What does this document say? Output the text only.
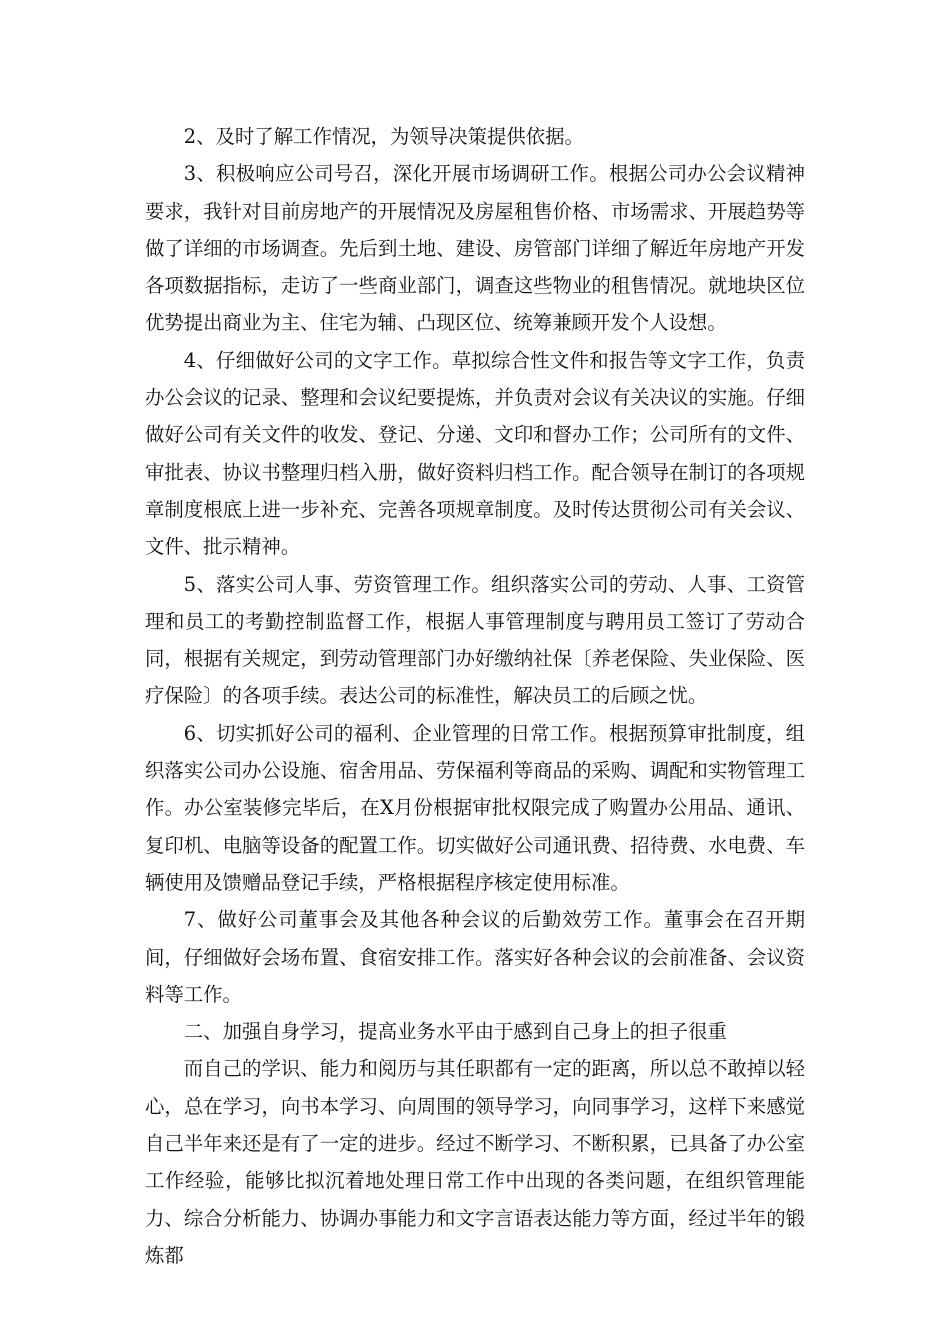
2、及时了解工作情况，为领导决策提供依据。

3、积极响应公司号召，深化开展市场调研工作。根据公司办公会议精神要求，我针对目前房地产的开展情况及房屋租售价格、市场需求、开展趋势等做了详细的市场调查。先后到土地、建设、房管部门详细了解近年房地产开发各项数据指标，走访了一些商业部门，调查这些物业的租售情况。就地块区位优势提出商业为主、住宅为辅、凸现区位、统筹兼顾开发个人设想。

4、仔细做好公司的文字工作。草拟综合性文件和报告等文字工作，负责办公会议的记录、整理和会议纪要提炼，并负责对会议有关决议的实施。仔细做好公司有关文件的收发、登记、分递、文印和督办工作；公司所有的文件、审批表、协议书整理归档入册，做好资料归档工作。配合领导在制订的各项规章制度根底上进一步补充、完善各项规章制度。及时传达贯彻公司有关会议、文件、批示精神。

5、落实公司人事、劳资管理工作。组织落实公司的劳动、人事、工资管理和员工的考勤控制监督工作，根据人事管理制度与聘用员工签订了劳动合同，根据有关规定，到劳动管理部门办好缴纳社保〔养老保险、失业保险、医疗保险〕的各项手续。表达公司的标准性，解决员工的后顾之忧。

6、切实抓好公司的福利、企业管理的日常工作。根据预算审批制度，组织落实公司办公设施、宿舍用品、劳保福利等商品的采购、调配和实物管理工作。办公室装修完毕后，在X月份根据审批权限完成了购置办公用品、通讯、复印机、电脑等设备的配置工作。切实做好公司通讯费、招待费、水电费、车辆使用及馈赠品登记手续，严格根据程序核定使用标准。

7、做好公司董事会及其他各种会议的后勤效劳工作。董事会在召开期间，仔细做好会场布置、食宿安排工作。落实好各种会议的会前准备、会议资料等工作。

二、加强自身学习，提高业务水平由于感到自己身上的担子很重

而自己的学识、能力和阅历与其任职都有一定的距离，所以总不敢掉以轻心，总在学习，向书本学习、向周围的领导学习，向同事学习，这样下来感觉自己半年来还是有了一定的进步。经过不断学习、不断积累，已具备了办公室工作经验，能够比拟沉着地处理日常工作中出现的各类问题，在组织管理能力、综合分析能力、协调办事能力和文字言语表达能力等方面，经过半年的锻炼都
